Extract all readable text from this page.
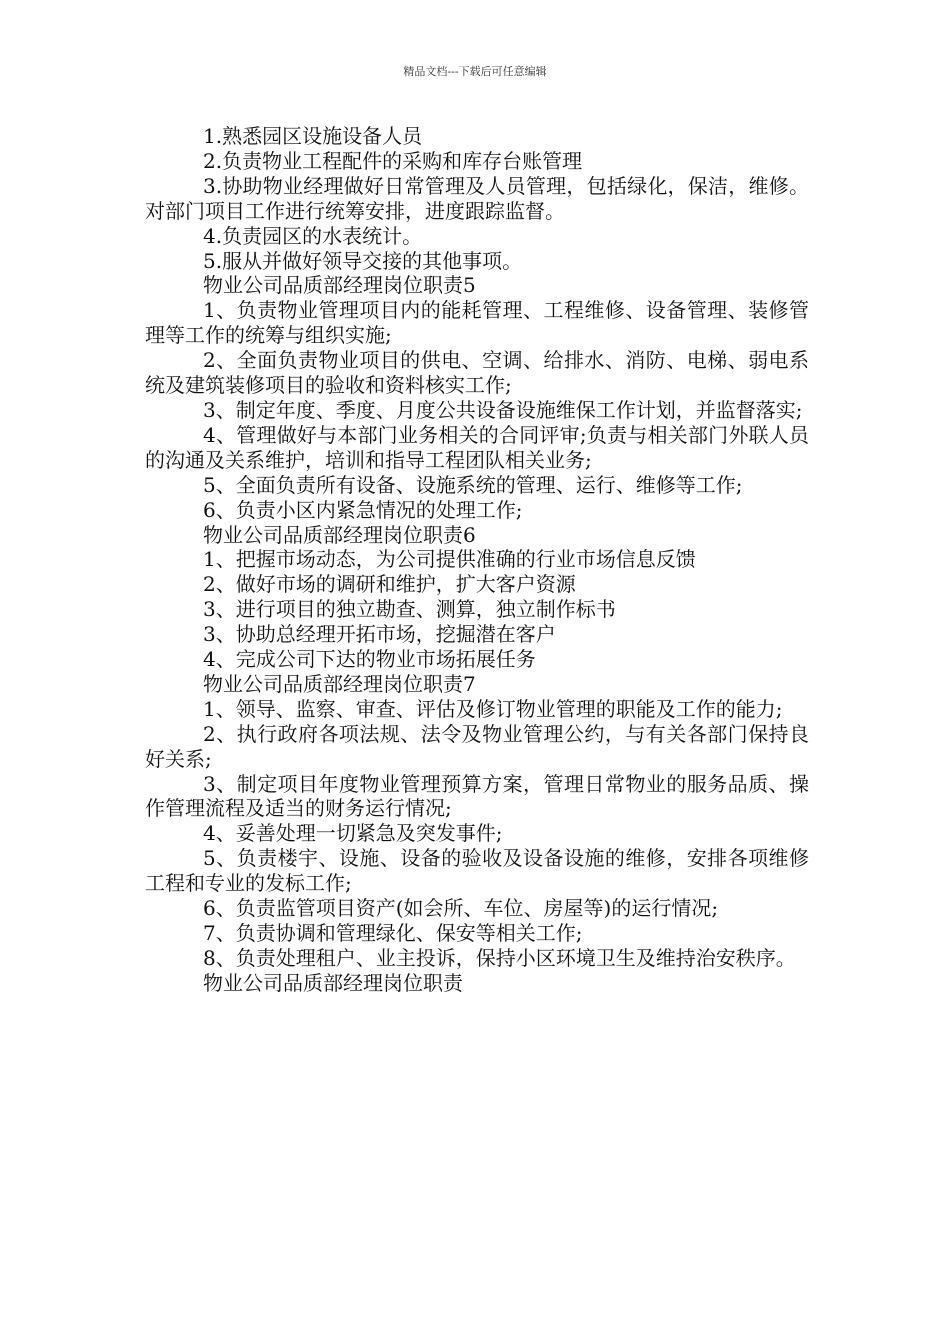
精品文档---下载后可任意编辑

1.熟悉园区设施设备人员

2.负责物业工程配件的采购和库存台账管理

3.协助物业经理做好日常管理及人员管理，包括绿化，保洁，维修。对部门项目工作进行统筹安排，进度跟踪监督。

4.负责园区的水表统计。

5.服从并做好领导交接的其他事项。

物业公司品质部经理岗位职责5

1、负责物业管理项目内的能耗管理、工程维修、设备管理、装修管理等工作的统筹与组织实施;

2、全面负责物业项目的供电、空调、给排水、消防、电梯、弱电系统及建筑装修项目的验收和资料核实工作;

3、制定年度、季度、月度公共设备设施维保工作计划，并监督落实;

4、管理做好与本部门业务相关的合同评审;负责与相关部门外联人员的沟通及关系维护，培训和指导工程团队相关业务;

5、全面负责所有设备、设施系统的管理、运行、维修等工作;

6、负责小区内紧急情况的处理工作;

物业公司品质部经理岗位职责6

1、把握市场动态，为公司提供准确的行业市场信息反馈

2、做好市场的调研和维护，扩大客户资源

3、进行项目的独立勘查、测算，独立制作标书

3、协助总经理开拓市场，挖掘潜在客户

4、完成公司下达的物业市场拓展任务

物业公司品质部经理岗位职责7

1、领导、监察、审查、评估及修订物业管理的职能及工作的能力;

2、执行政府各项法规、法令及物业管理公约，与有关各部门保持良好关系;

3、制定项目年度物业管理预算方案，管理日常物业的服务品质、操作管理流程及适当的财务运行情况;

4、妥善处理一切紧急及突发事件;

5、负责楼宇、设施、设备的验收及设备设施的维修，安排各项维修工程和专业的发标工作;

6、负责监管项目资产(如会所、车位、房屋等)的运行情况;

7、负责协调和管理绿化、保安等相关工作;

8、负责处理租户、业主投诉，保持小区环境卫生及维持治安秩序。

物业公司品质部经理岗位职责
